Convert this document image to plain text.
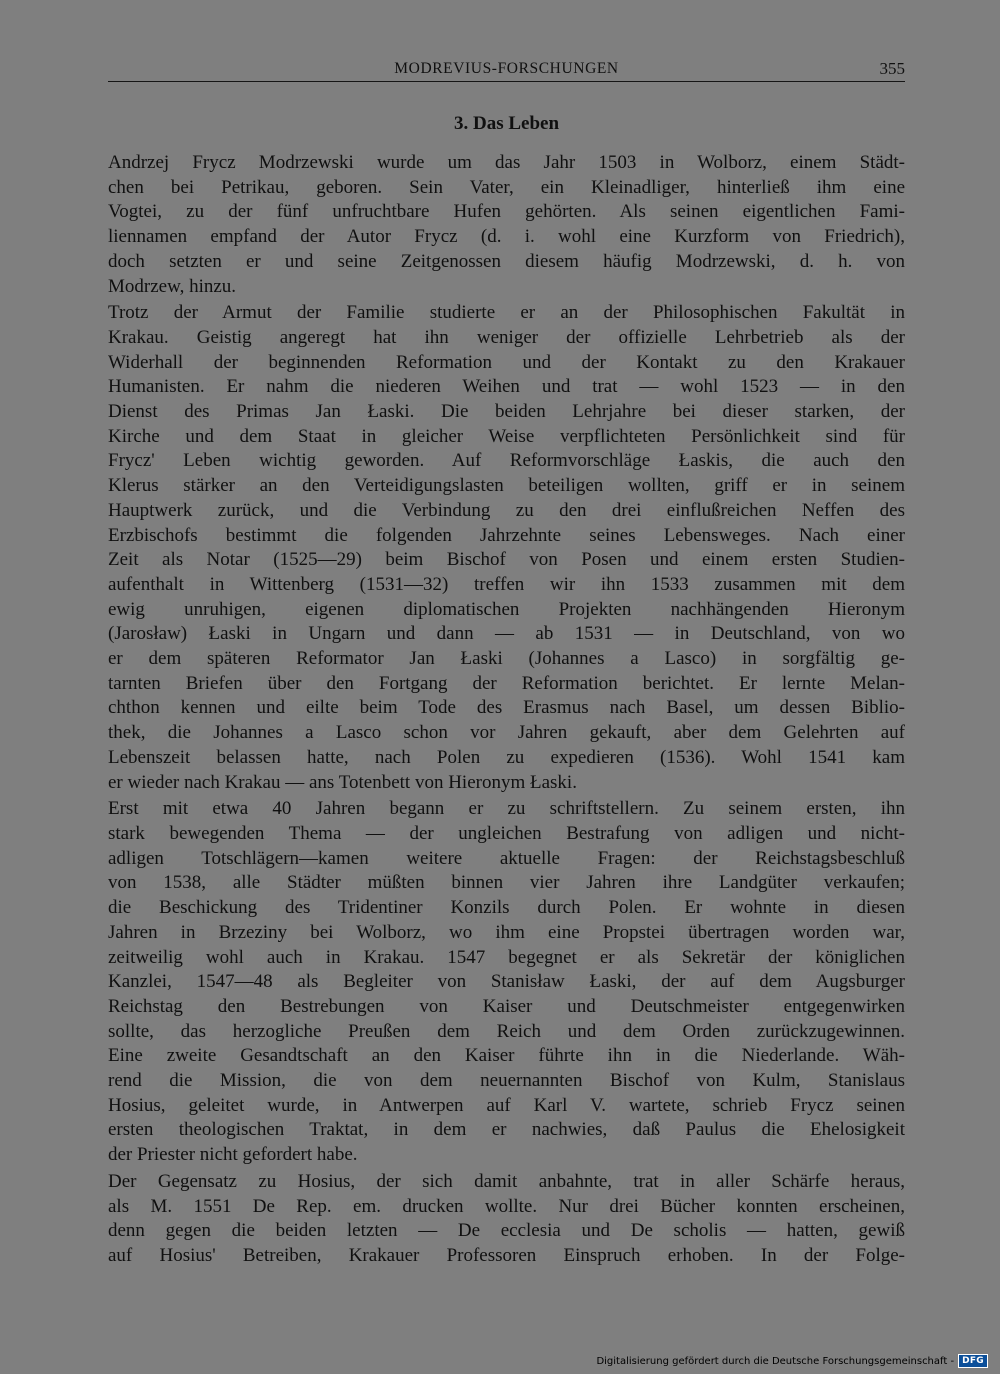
MODREVIUS-FORSCHUNGEN	355
3. Das Leben
Andrzej Frycz Modrzewski wurde um das Jahr 1503 in Wolborz, einem Städt-
chen bei Petrikau, geboren. Sein Vater, ein Kleinadliger, hinterließ ihm eine
Vogtei, zu der fünf unfruchtbare Hufen gehörten. Als seinen eigentlichen Fami-
liennamen empfand der Autor Frycz (d. i. wohl eine Kurzform von Friedrich),
doch setzten er und seine Zeitgenossen diesem häufig Modrzewski, d. h. von
Modrzew, hinzu.
Trotz der Armut der Familie studierte er an der Philosophischen Fakultät in
Krakau. Geistig angeregt hat ihn weniger der offizielle Lehrbetrieb als der
Widerhall der beginnenden Reformation und der Kontakt zu den Krakauer
Humanisten. Er nahm die niederen Weihen und trat — wohl 1523 — in den
Dienst des Primas Jan Łaski. Die beiden Lehrjahre bei dieser starken, der
Kirche und dem Staat in gleicher Weise verpflichteten Persönlichkeit sind für
Frycz' Leben wichtig geworden. Auf Reformvorschläge Łaskis, die auch den
Klerus stärker an den Verteidigungslasten beteiligen wollten, griff er in seinem
Hauptwerk zurück, und die Verbindung zu den drei einflußreichen Neffen des
Erzbischofs bestimmt die folgenden Jahrzehnte seines Lebensweges. Nach einer
Zeit als Notar (1525—29) beim Bischof von Posen und einem ersten Studien-
aufenthalt in Wittenberg (1531—32) treffen wir ihn 1533 zusammen mit dem
ewig unruhigen, eigenen diplomatischen Projekten nachhängenden Hieronym
(Jarosław) Łaski in Ungarn und dann — ab 1531 — in Deutschland, von wo
er dem späteren Reformator Jan Łaski (Johannes a Lasco) in sorgfältig ge-
tarnten Briefen über den Fortgang der Reformation berichtet. Er lernte Melan-
chthon kennen und eilte beim Tode des Erasmus nach Basel, um dessen Biblio-
thek, die Johannes a Lasco schon vor Jahren gekauft, aber dem Gelehrten auf
Lebenszeit belassen hatte, nach Polen zu expedieren (1536). Wohl 1541 kam
er wieder nach Krakau — ans Totenbett von Hieronym Łaski.
Erst mit etwa 40 Jahren begann er zu schriftstellern. Zu seinem ersten, ihn
stark bewegenden Thema — der ungleichen Bestrafung von adligen und nicht-
adligen Totschlägern—kamen weitere aktuelle Fragen: der Reichstagsbeschluß
von 1538, alle Städter müßten binnen vier Jahren ihre Landgüter verkaufen;
die Beschickung des Tridentiner Konzils durch Polen. Er wohnte in diesen
Jahren in Brzeziny bei Wolborz, wo ihm eine Propstei übertragen worden war,
zeitweilig wohl auch in Krakau. 1547 begegnet er als Sekretär der königlichen
Kanzlei, 1547—48 als Begleiter von Stanisław Łaski, der auf dem Augsburger
Reichstag den Bestrebungen von Kaiser und Deutschmeister entgegenwirken
sollte, das herzogliche Preußen dem Reich und dem Orden zurückzugewinnen.
Eine zweite Gesandtschaft an den Kaiser führte ihn in die Niederlande. Wäh-
rend die Mission, die von dem neuernannten Bischof von Kulm, Stanislaus
Hosius, geleitet wurde, in Antwerpen auf Karl V. wartete, schrieb Frycz seinen
ersten theologischen Traktat, in dem er nachwies, daß Paulus die Ehelosigkeit
der Priester nicht gefordert habe.
Der Gegensatz zu Hosius, der sich damit anbahnte, trat in aller Schärfe heraus,
als M. 1551 De Rep. em. drucken wollte. Nur drei Bücher konnten erscheinen,
denn gegen die beiden letzten — De ecclesia und De scholis — hatten, gewiß
auf Hosius' Betreiben, Krakauer Professoren Einspruch erhoben. In der Folge-
Digitalisierung gefördert durch die Deutsche Forschungsgemeinschaft - DFG
